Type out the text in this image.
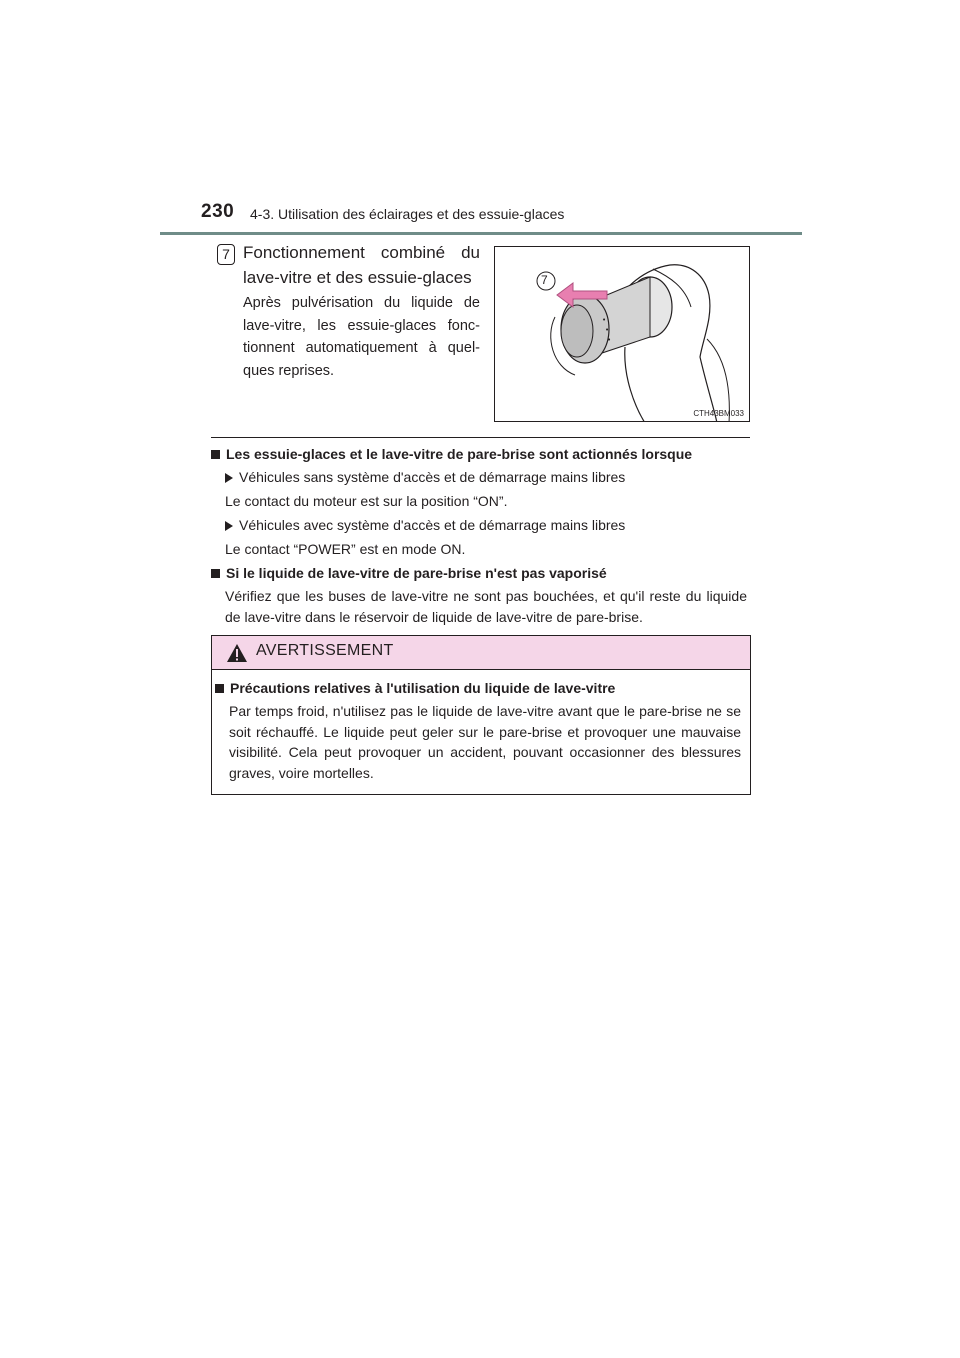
230 4-3. Utilisation des éclairages et des essuie-glaces
7 Fonctionnement combiné du lave-vitre et des essuie-glaces
Après pulvérisation du liquide de lave-vitre, les essuie-glaces fonc-tionnent automatiquement à quel-ques reprises.
•
•
•
7
CTH43BM033
Les essuie-glaces et le lave-vitre de pare-brise sont actionnés lorsque
Véhicules sans système d'accès et de démarrage mains libres
Le contact du moteur est sur la position “ON”.
Véhicules avec système d'accès et de démarrage mains libres
Le contact “POWER” est en mode ON.
Si le liquide de lave-vitre de pare-brise n'est pas vaporisé
Vérifiez que les buses de lave-vitre ne sont pas bouchées, et qu'il reste du liquide de lave-vitre dans le réservoir de liquide de lave-vitre de pare-brise.
AVERTISSEMENT
Précautions relatives à l'utilisation du liquide de lave-vitre
Par temps froid, n'utilisez pas le liquide de lave-vitre avant que le pare-brise ne se soit réchauffé. Le liquide peut geler sur le pare-brise et provoquer une mauvaise visibilité. Cela peut provoquer un accident, pouvant occasionner des blessures graves, voire mortelles.
